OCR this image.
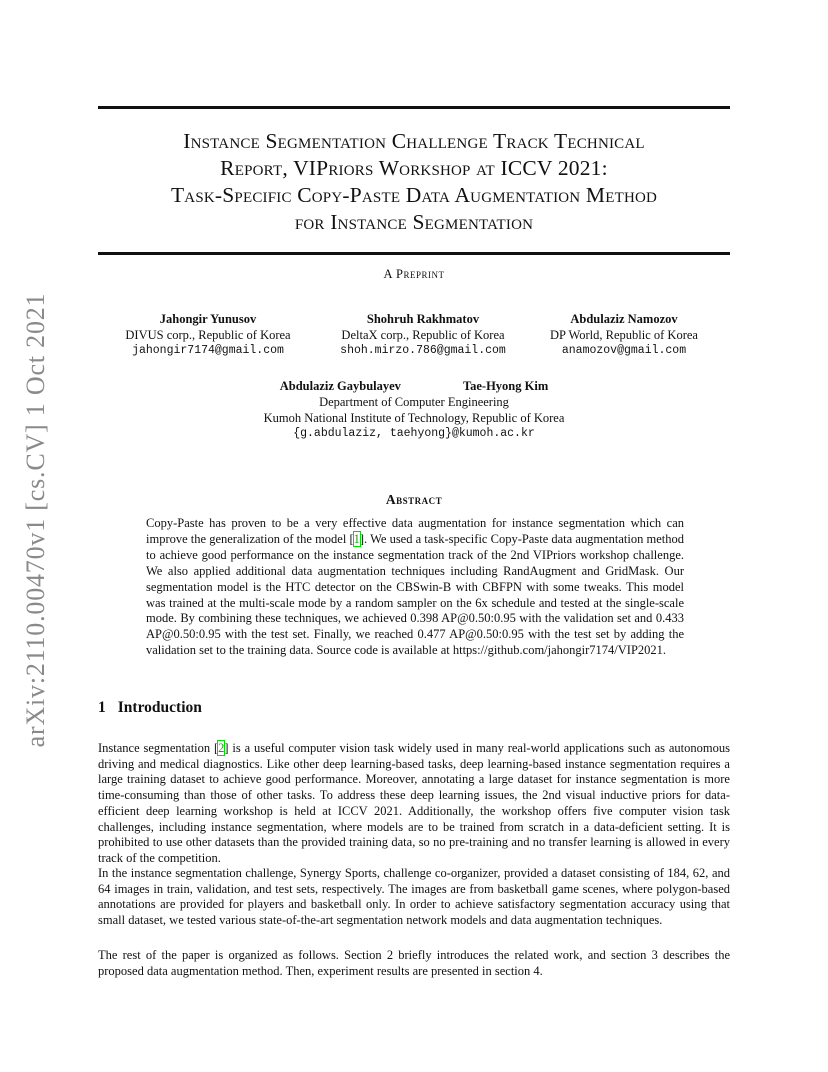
arXiv:2110.00470v1 [cs.CV] 1 Oct 2021
Instance Segmentation Challenge Track Technical
Report, VIPriors Workshop at ICCV 2021:
Task-Specific Copy-Paste Data Augmentation Method
for Instance Segmentation
A Preprint
Jahongir Yunusov
DIVUS corp., Republic of Korea
jahongir7174@gmail.com
Shohruh Rakhmatov
DeltaX corp., Republic of Korea
shoh.mirzo.786@gmail.com
Abdulaziz Namozov
DP World, Republic of Korea
anamozov@gmail.com
Abdulaziz Gaybulayev	Tae-Hyong Kim
Department of Computer Engineering
Kumoh National Institute of Technology, Republic of Korea
{g.abdulaziz, taehyong}@kumoh.ac.kr
Abstract
Copy-Paste has proven to be a very effective data augmentation for instance segmentation which can improve the generalization of the model [1]. We used a task-specific Copy-Paste data augmentation method to achieve good performance on the instance segmentation track of the 2nd VIPriors workshop challenge. We also applied additional data augmentation techniques including RandAugment and GridMask. Our segmentation model is the HTC detector on the CBSwin-B with CBFPN with some tweaks. This model was trained at the multi-scale mode by a random sampler on the 6x schedule and tested at the single-scale mode. By combining these techniques, we achieved 0.398 AP@0.50:0.95 with the validation set and 0.433 AP@0.50:0.95 with the test set. Finally, we reached 0.477 AP@0.50:0.95 with the test set by adding the validation set to the training data. Source code is available at https://github.com/jahongir7174/VIP2021.
1 Introduction
Instance segmentation [2] is a useful computer vision task widely used in many real-world applications such as autonomous driving and medical diagnostics. Like other deep learning-based tasks, deep learning-based instance segmentation requires a large training dataset to achieve good performance. Moreover, annotating a large dataset for instance segmentation is more time-consuming than those of other tasks. To address these deep learning issues, the 2nd visual inductive priors for data-efficient deep learning workshop is held at ICCV 2021. Additionally, the workshop offers five computer vision task challenges, including instance segmentation, where models are to be trained from scratch in a data-deficient setting. It is prohibited to use other datasets than the provided training data, so no pre-training and no transfer learning is allowed in every track of the competition.
In the instance segmentation challenge, Synergy Sports, challenge co-organizer, provided a dataset consisting of 184, 62, and 64 images in train, validation, and test sets, respectively. The images are from basketball game scenes, where polygon-based annotations are provided for players and basketball only. In order to achieve satisfactory segmentation accuracy using that small dataset, we tested various state-of-the-art segmentation network models and data augmentation techniques.
The rest of the paper is organized as follows. Section 2 briefly introduces the related work, and section 3 describes the proposed data augmentation method. Then, experiment results are presented in section 4.
